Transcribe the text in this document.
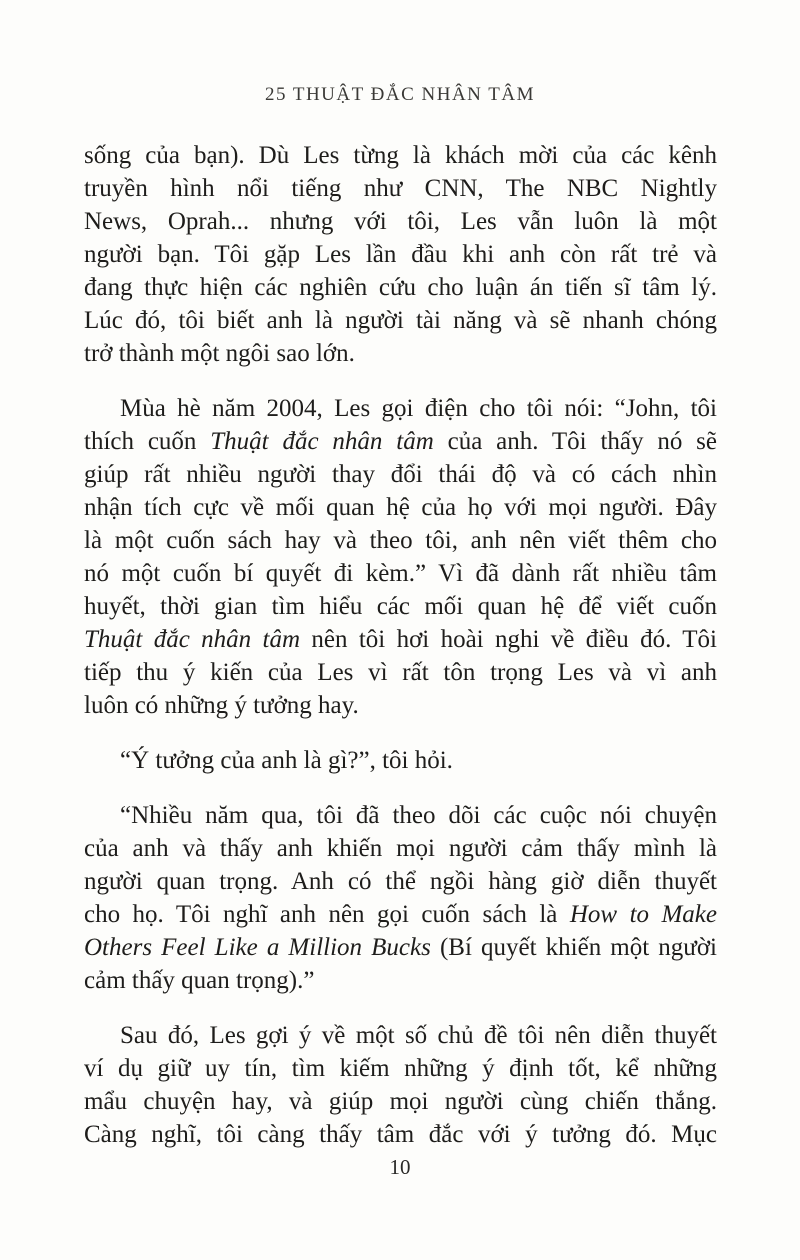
25 THUẬT ĐẮC NHÂN TÂM
sống của bạn). Dù Les từng là khách mời của các kênh
truyền hình nổi tiếng như CNN, The NBC Nightly
News, Oprah... nhưng với tôi, Les vẫn luôn là một
người bạn. Tôi gặp Les lần đầu khi anh còn rất trẻ và
đang thực hiện các nghiên cứu cho luận án tiến sĩ tâm lý.
Lúc đó, tôi biết anh là người tài năng và sẽ nhanh chóng
trở thành một ngôi sao lớn.
Mùa hè năm 2004, Les gọi điện cho tôi nói: “John, tôi
thích cuốn Thuật đắc nhân tâm của anh. Tôi thấy nó sẽ
giúp rất nhiều người thay đổi thái độ và có cách nhìn
nhận tích cực về mối quan hệ của họ với mọi người. Đây
là một cuốn sách hay và theo tôi, anh nên viết thêm cho
nó một cuốn bí quyết đi kèm.” Vì đã dành rất nhiều tâm
huyết, thời gian tìm hiểu các mối quan hệ để viết cuốn
Thuật đắc nhân tâm nên tôi hơi hoài nghi về điều đó. Tôi
tiếp thu ý kiến của Les vì rất tôn trọng Les và vì anh
luôn có những ý tưởng hay.
“Ý tưởng của anh là gì?”, tôi hỏi.
“Nhiều năm qua, tôi đã theo dõi các cuộc nói chuyện
của anh và thấy anh khiến mọi người cảm thấy mình là
người quan trọng. Anh có thể ngồi hàng giờ diễn thuyết
cho họ. Tôi nghĩ anh nên gọi cuốn sách là How to Make
Others Feel Like a Million Bucks (Bí quyết khiến một người
cảm thấy quan trọng).”
Sau đó, Les gợi ý về một số chủ đề tôi nên diễn thuyết
ví dụ giữ uy tín, tìm kiếm những ý định tốt, kể những
mẩu chuyện hay, và giúp mọi người cùng chiến thắng.
Càng nghĩ, tôi càng thấy tâm đắc với ý tưởng đó. Mục
10
